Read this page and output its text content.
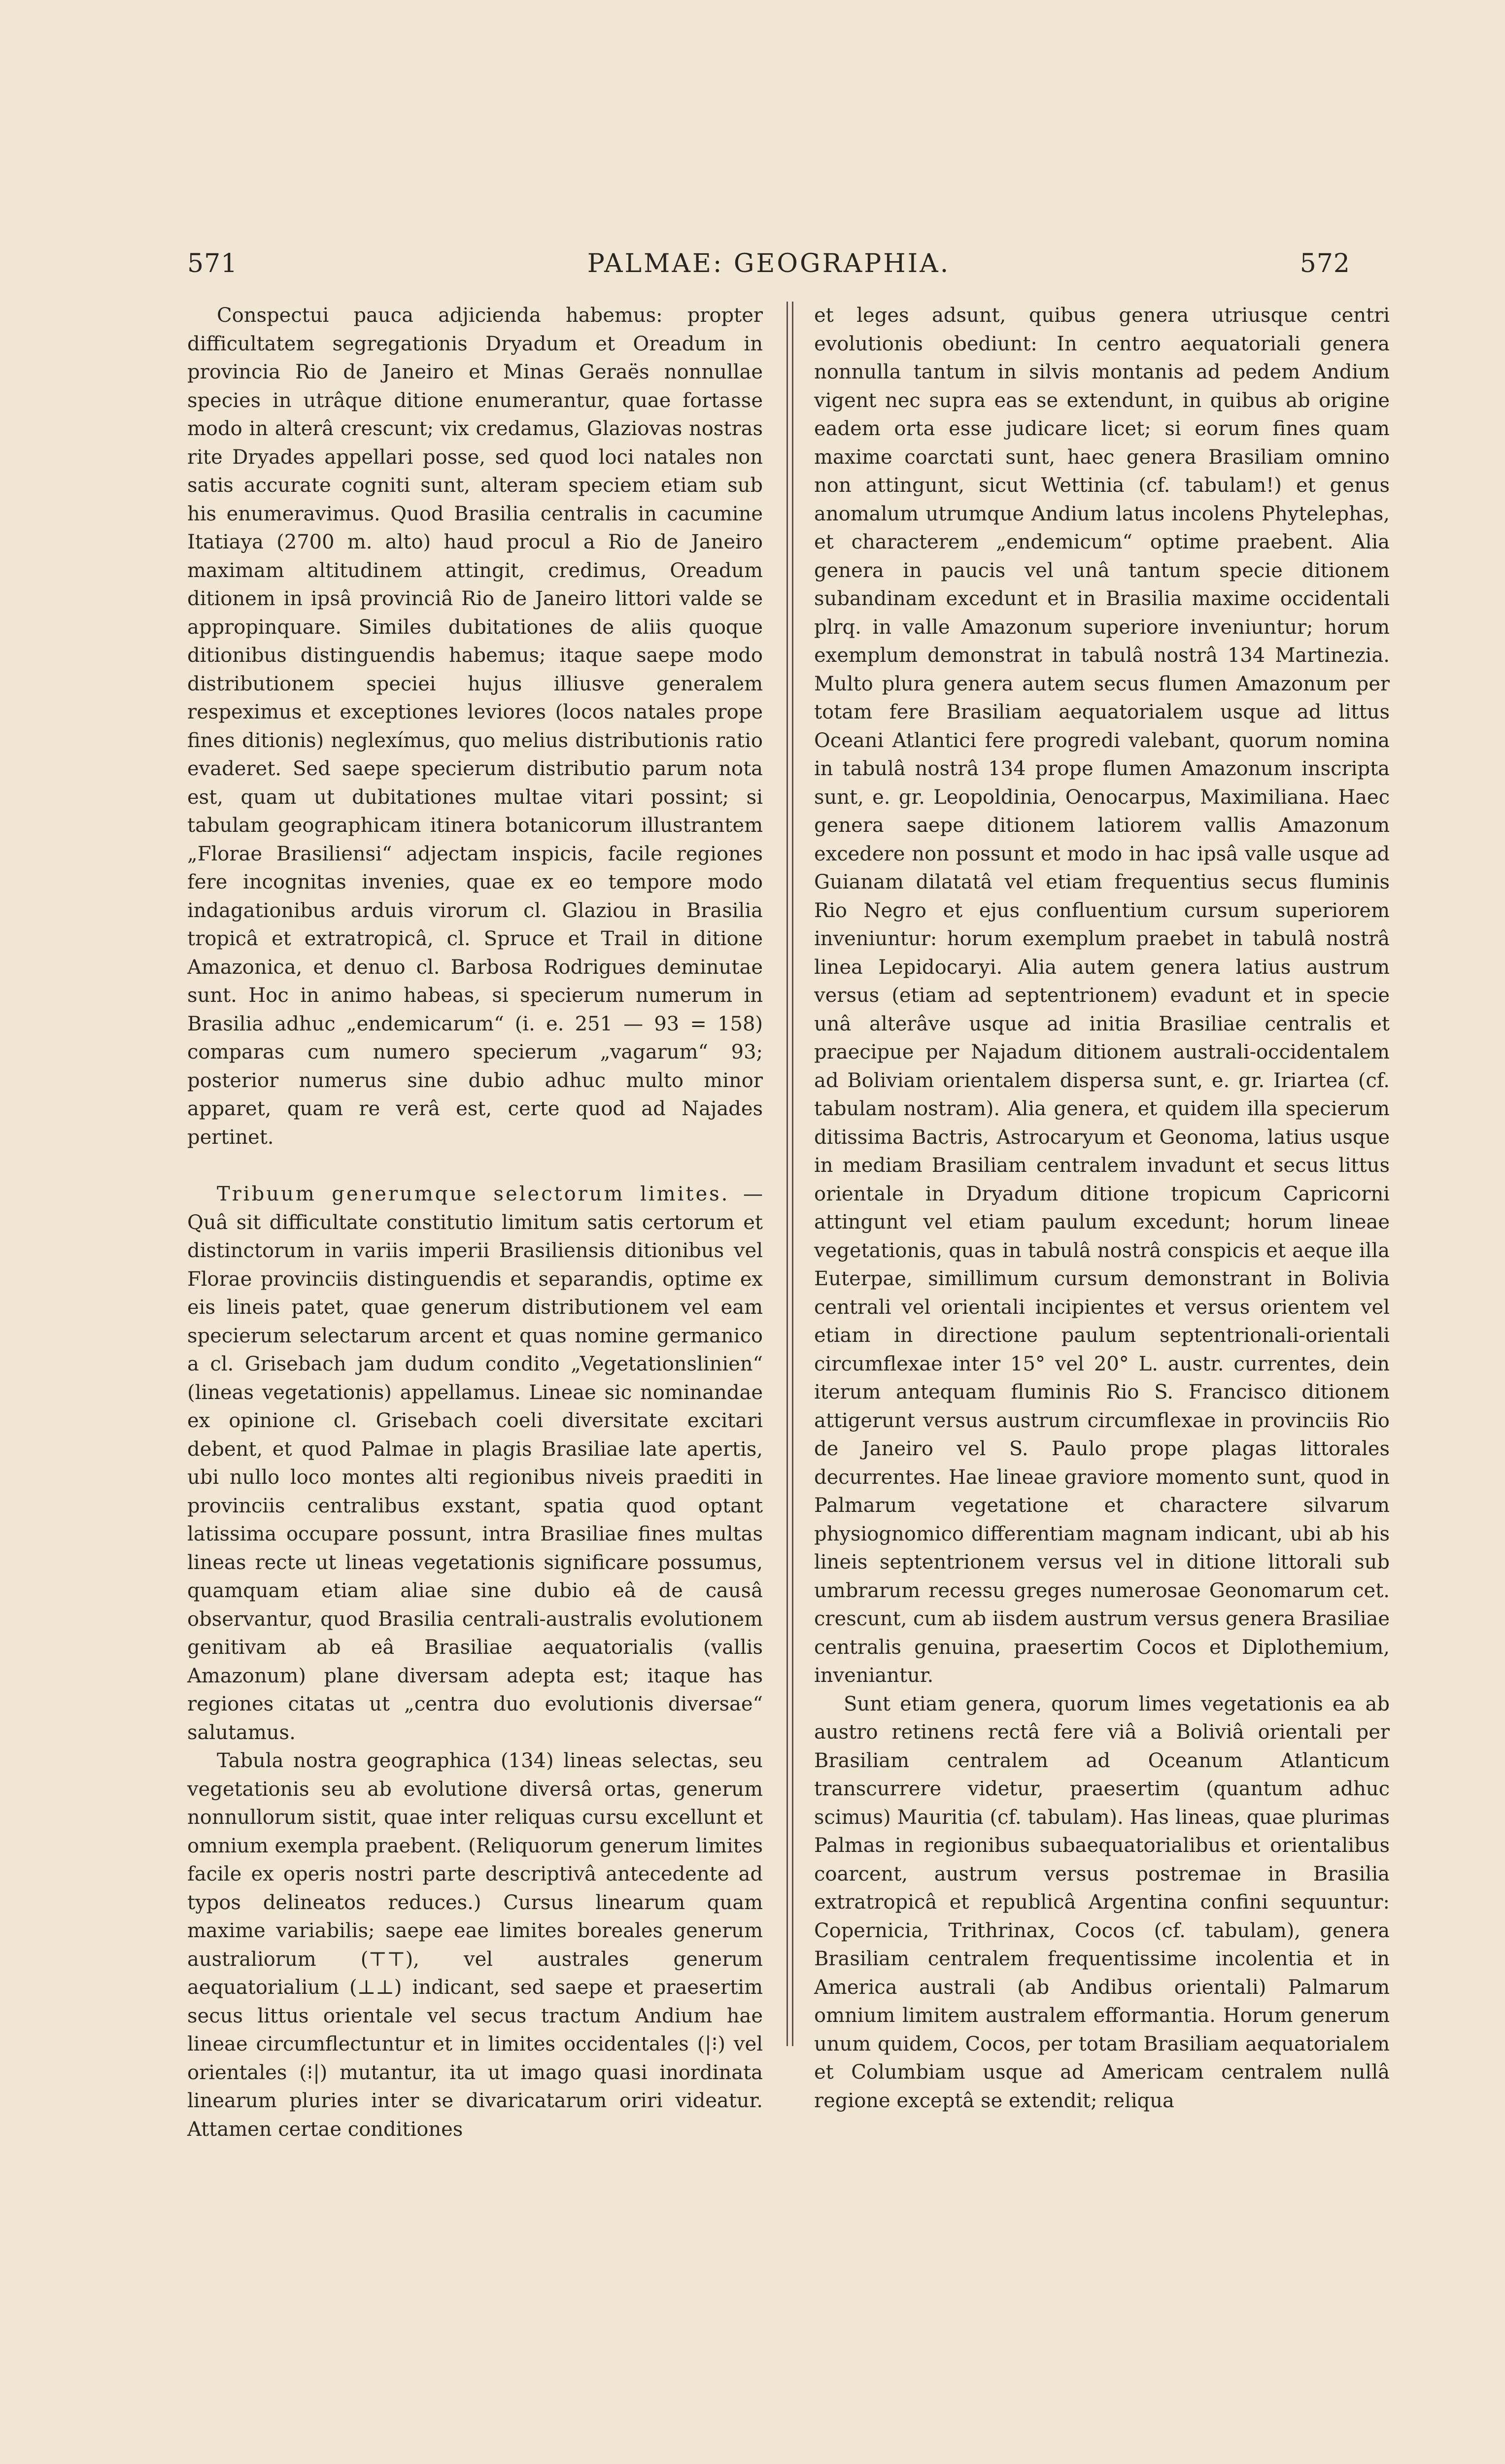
571	PALMAE: GEOGRAPHIA.	572

Conspectui pauca adjicienda habemus: propter difficultatem segregationis Dryadum et Oreadum in provincia Rio de Janeiro et Minas Geraës nonnullae species in utrâque ditione enumerantur, quae fortasse modo in alterâ crescunt; vix credamus, Glaziovas nostras rite Dryades appellari posse, sed quod loci natales non satis accurate cogniti sunt, alteram speciem etiam sub his enumeravimus. Quod Brasilia centralis in cacumine Itatiaya (2700 m. alto) haud procul a Rio de Janeiro maximam altitudinem attingit, credimus, Oreadum ditionem in ipsâ provinciâ Rio de Janeiro littori valde se appropinquare. Similes dubitationes de aliis quoque ditionibus distinguendis habemus; itaque saepe modo distributionem speciei hujus illiusve generalem respeximus et exceptiones leviores (locos natales prope fines ditionis) neglexímus, quo melius distributionis ratio evaderet. Sed saepe specierum distributio parum nota est, quam ut dubitationes multae vitari possint; si tabulam geographicam itinera botanicorum illustrantem „Florae Brasiliensi“ adjectam inspicis, facile regiones fere incognitas invenies, quae ex eo tempore modo indagationibus arduis virorum cl. Glaziou in Brasilia tropicâ et extratropicâ, cl. Spruce et Trail in ditione Amazonica, et denuo cl. Barbosa Rodrigues deminutae sunt. Hoc in animo habeas, si specierum numerum in Brasilia adhuc „endemicarum“ (i. e. 251 — 93 = 158) comparas cum numero specierum „vagarum“ 93; posterior numerus sine dubio adhuc multo minor apparet, quam re verâ est, certe quod ad Najades pertinet.

Tribuum generumque selectorum limites. — Quâ sit difficultate constitutio limitum satis certorum et distinctorum in variis imperii Brasiliensis ditionibus vel Florae provinciis distinguendis et separandis, optime ex eis lineis patet, quae generum distributionem vel eam specierum selectarum arcent et quas nomine germanico a cl. Grisebach jam dudum condito „Vegetationslinien“ (lineas vegetationis) appellamus. Lineae sic nominandae ex opinione cl. Grisebach coeli diversitate excitari debent, et quod Palmae in plagis Brasiliae late apertis, ubi nullo loco montes alti regionibus niveis praediti in provinciis centralibus exstant, spatia quod optant latissima occupare possunt, intra Brasiliae fines multas lineas recte ut lineas vegetationis significare possumus, quamquam etiam aliae sine dubio eâ de causâ observantur, quod Brasilia centrali-australis evolutionem genitivam ab eâ Brasiliae aequatorialis (vallis Amazonum) plane diversam adepta est; itaque has regiones citatas ut „centra duo evolutionis diversae“ salutamus.

Tabula nostra geographica (134) lineas selectas, seu vegetationis seu ab evolutione diversâ ortas, generum nonnullorum sistit, quae inter reliquas cursu excellunt et omnium exempla praebent. (Reliquorum generum limites facile ex operis nostri parte descriptivâ antecedente ad typos delineatos reduces.) Cursus linearum quam maxime variabilis; saepe eae limites boreales generum australiorum (⊤⊤), vel australes generum aequatorialium (⊥⊥) indicant, sed saepe et praesertim secus littus orientale vel secus tractum Andium hae lineae circumflectuntur et in limites occidentales (|⁝) vel orientales (⁝|) mutantur, ita ut imago quasi inordinata linearum pluries inter se divaricatarum oriri videatur. Attamen certae conditiones

et leges adsunt, quibus genera utriusque centri evolutionis obediunt: In centro aequatoriali genera nonnulla tantum in silvis montanis ad pedem Andium vigent nec supra eas se extendunt, in quibus ab origine eadem orta esse judicare licet; si eorum fines quam maxime coarctati sunt, haec genera Brasiliam omnino non attingunt, sicut Wettinia (cf. tabulam!) et genus anomalum utrumque Andium latus incolens Phytelephas, et characterem „endemicum“ optime praebent. Alia genera in paucis vel unâ tantum specie ditionem subandinam excedunt et in Brasilia maxime occidentali plrq. in valle Amazonum superiore inveniuntur; horum exemplum demonstrat in tabulâ nostrâ 134 Martinezia. Multo plura genera autem secus flumen Amazonum per totam fere Brasiliam aequatorialem usque ad littus Oceani Atlantici fere progredi valebant, quorum nomina in tabulâ nostrâ 134 prope flumen Amazonum inscripta sunt, e. gr. Leopoldinia, Oenocarpus, Maximiliana. Haec genera saepe ditionem latiorem vallis Amazonum excedere non possunt et modo in hac ipsâ valle usque ad Guianam dilatatâ vel etiam frequentius secus fluminis Rio Negro et ejus confluentium cursum superiorem inveniuntur: horum exemplum praebet in tabulâ nostrâ linea Lepidocaryi. Alia autem genera latius austrum versus (etiam ad septentrionem) evadunt et in specie unâ alterâve usque ad initia Brasiliae centralis et praecipue per Najadum ditionem australi-occidentalem ad Boliviam orientalem dispersa sunt, e. gr. Iriartea (cf. tabulam nostram). Alia genera, et quidem illa specierum ditissima Bactris, Astrocaryum et Geonoma, latius usque in mediam Brasiliam centralem invadunt et secus littus orientale in Dryadum ditione tropicum Capricorni attingunt vel etiam paulum excedunt; horum lineae vegetationis, quas in tabulâ nostrâ conspicis et aeque illa Euterpae, simillimum cursum demonstrant in Bolivia centrali vel orientali incipientes et versus orientem vel etiam in directione paulum septentrionali-orientali circumflexae inter 15° vel 20° L. austr. currentes, dein iterum antequam fluminis Rio S. Francisco ditionem attigerunt versus austrum circumflexae in provinciis Rio de Janeiro vel S. Paulo prope plagas littorales decurrentes. Hae lineae graviore momento sunt, quod in Palmarum vegetatione et charactere silvarum physiognomico differentiam magnam indicant, ubi ab his lineis septentrionem versus vel in ditione littorali sub umbrarum recessu greges numerosae Geonomarum cet. crescunt, cum ab iisdem austrum versus genera Brasiliae centralis genuina, praesertim Cocos et Diplothemium, inveniantur.

Sunt etiam genera, quorum limes vegetationis ea ab austro retinens rectâ fere viâ a Boliviâ orientali per Brasiliam centralem ad Oceanum Atlanticum transcurrere videtur, praesertim (quantum adhuc scimus) Mauritia (cf. tabulam). Has lineas, quae plurimas Palmas in regionibus subaequatorialibus et orientalibus coarcent, austrum versus postremae in Brasilia extratropicâ et republicâ Argentina confini sequuntur: Copernicia, Trithrinax, Cocos (cf. tabulam), genera Brasiliam centralem frequentissime incolentia et in America australi (ab Andibus orientali) Palmarum omnium limitem australem efformantia. Horum generum unum quidem, Cocos, per totam Brasiliam aequatorialem et Columbiam usque ad Americam centralem nullâ regione exceptâ se extendit; reliqua
